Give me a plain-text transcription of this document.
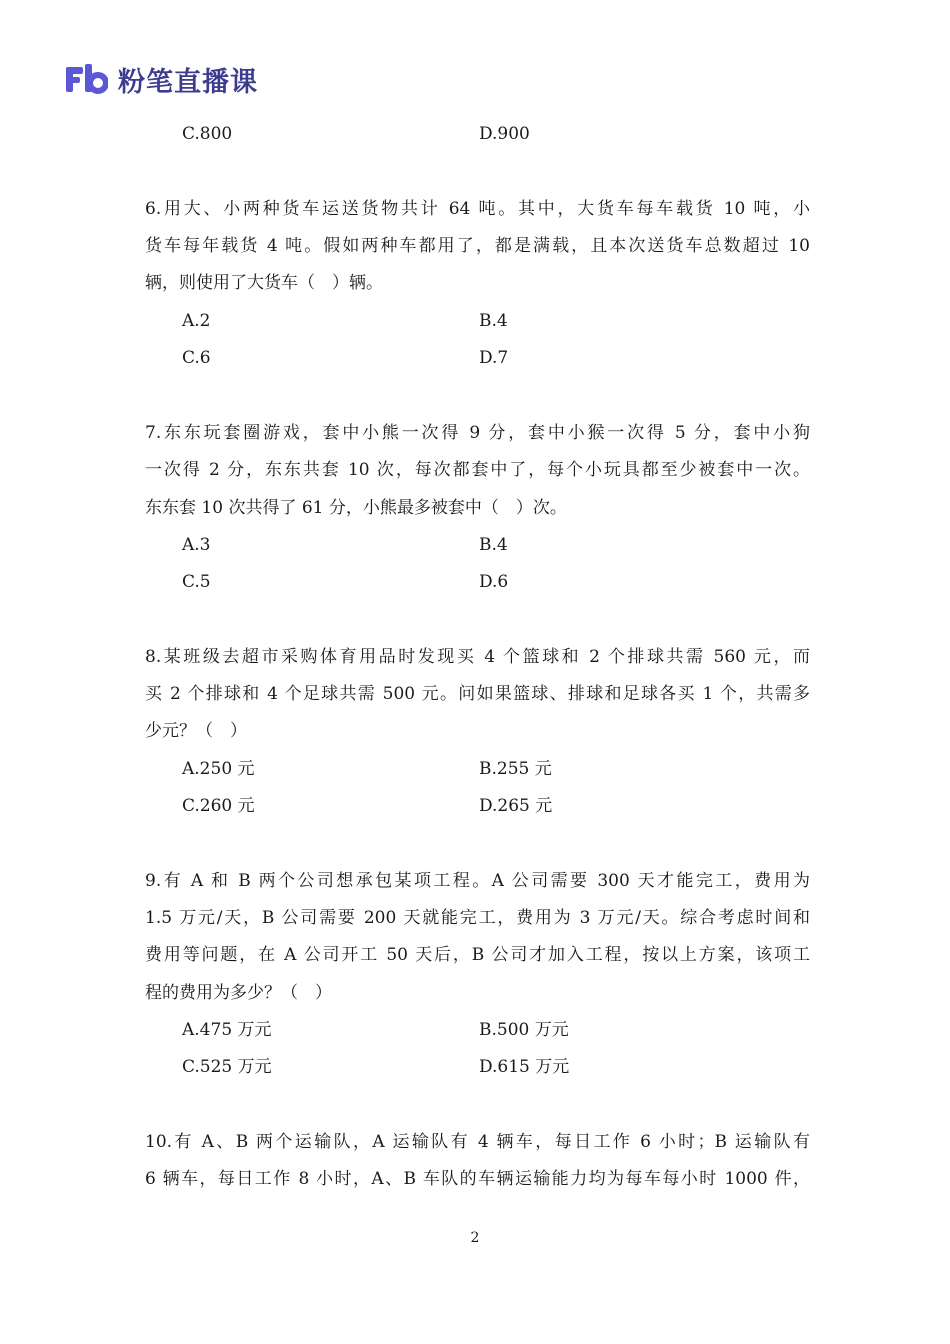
粉笔直播课
C.800	D.900
6.用大、小两种货车运送货物共计 64 吨。其中，大货车每车载货 10 吨，小
货车每年载货 4 吨。假如两种车都用了，都是满载，且本次送货车总数超过 10
辆，则使用了大货车（　）辆。
A.2	B.4
C.6	D.7
7.东东玩套圈游戏，套中小熊一次得 9 分，套中小猴一次得 5 分，套中小狗
一次得 2 分，东东共套 10 次，每次都套中了，每个小玩具都至少被套中一次。
东东套 10 次共得了 61 分，小熊最多被套中（　）次。
A.3	B.4
C.5	D.6
8.某班级去超市采购体育用品时发现买 4 个篮球和 2 个排球共需 560 元，而
买 2 个排球和 4 个足球共需 500 元。问如果篮球、排球和足球各买 1 个，共需多
少元？（　）
A.250 元	B.255 元
C.260 元	D.265 元
9.有 A 和 B 两个公司想承包某项工程。A 公司需要 300 天才能完工，费用为
1.5 万元/天，B 公司需要 200 天就能完工，费用为 3 万元/天。综合考虑时间和
费用等问题，在 A 公司开工 50 天后，B 公司才加入工程，按以上方案，该项工
程的费用为多少？（　）
A.475 万元	B.500 万元
C.525 万元	D.615 万元
10.有 A、B 两个运输队，A 运输队有 4 辆车，每日工作 6 小时；B 运输队有
6 辆车，每日工作 8 小时，A、B 车队的车辆运输能力均为每车每小时 1000 件，
2
